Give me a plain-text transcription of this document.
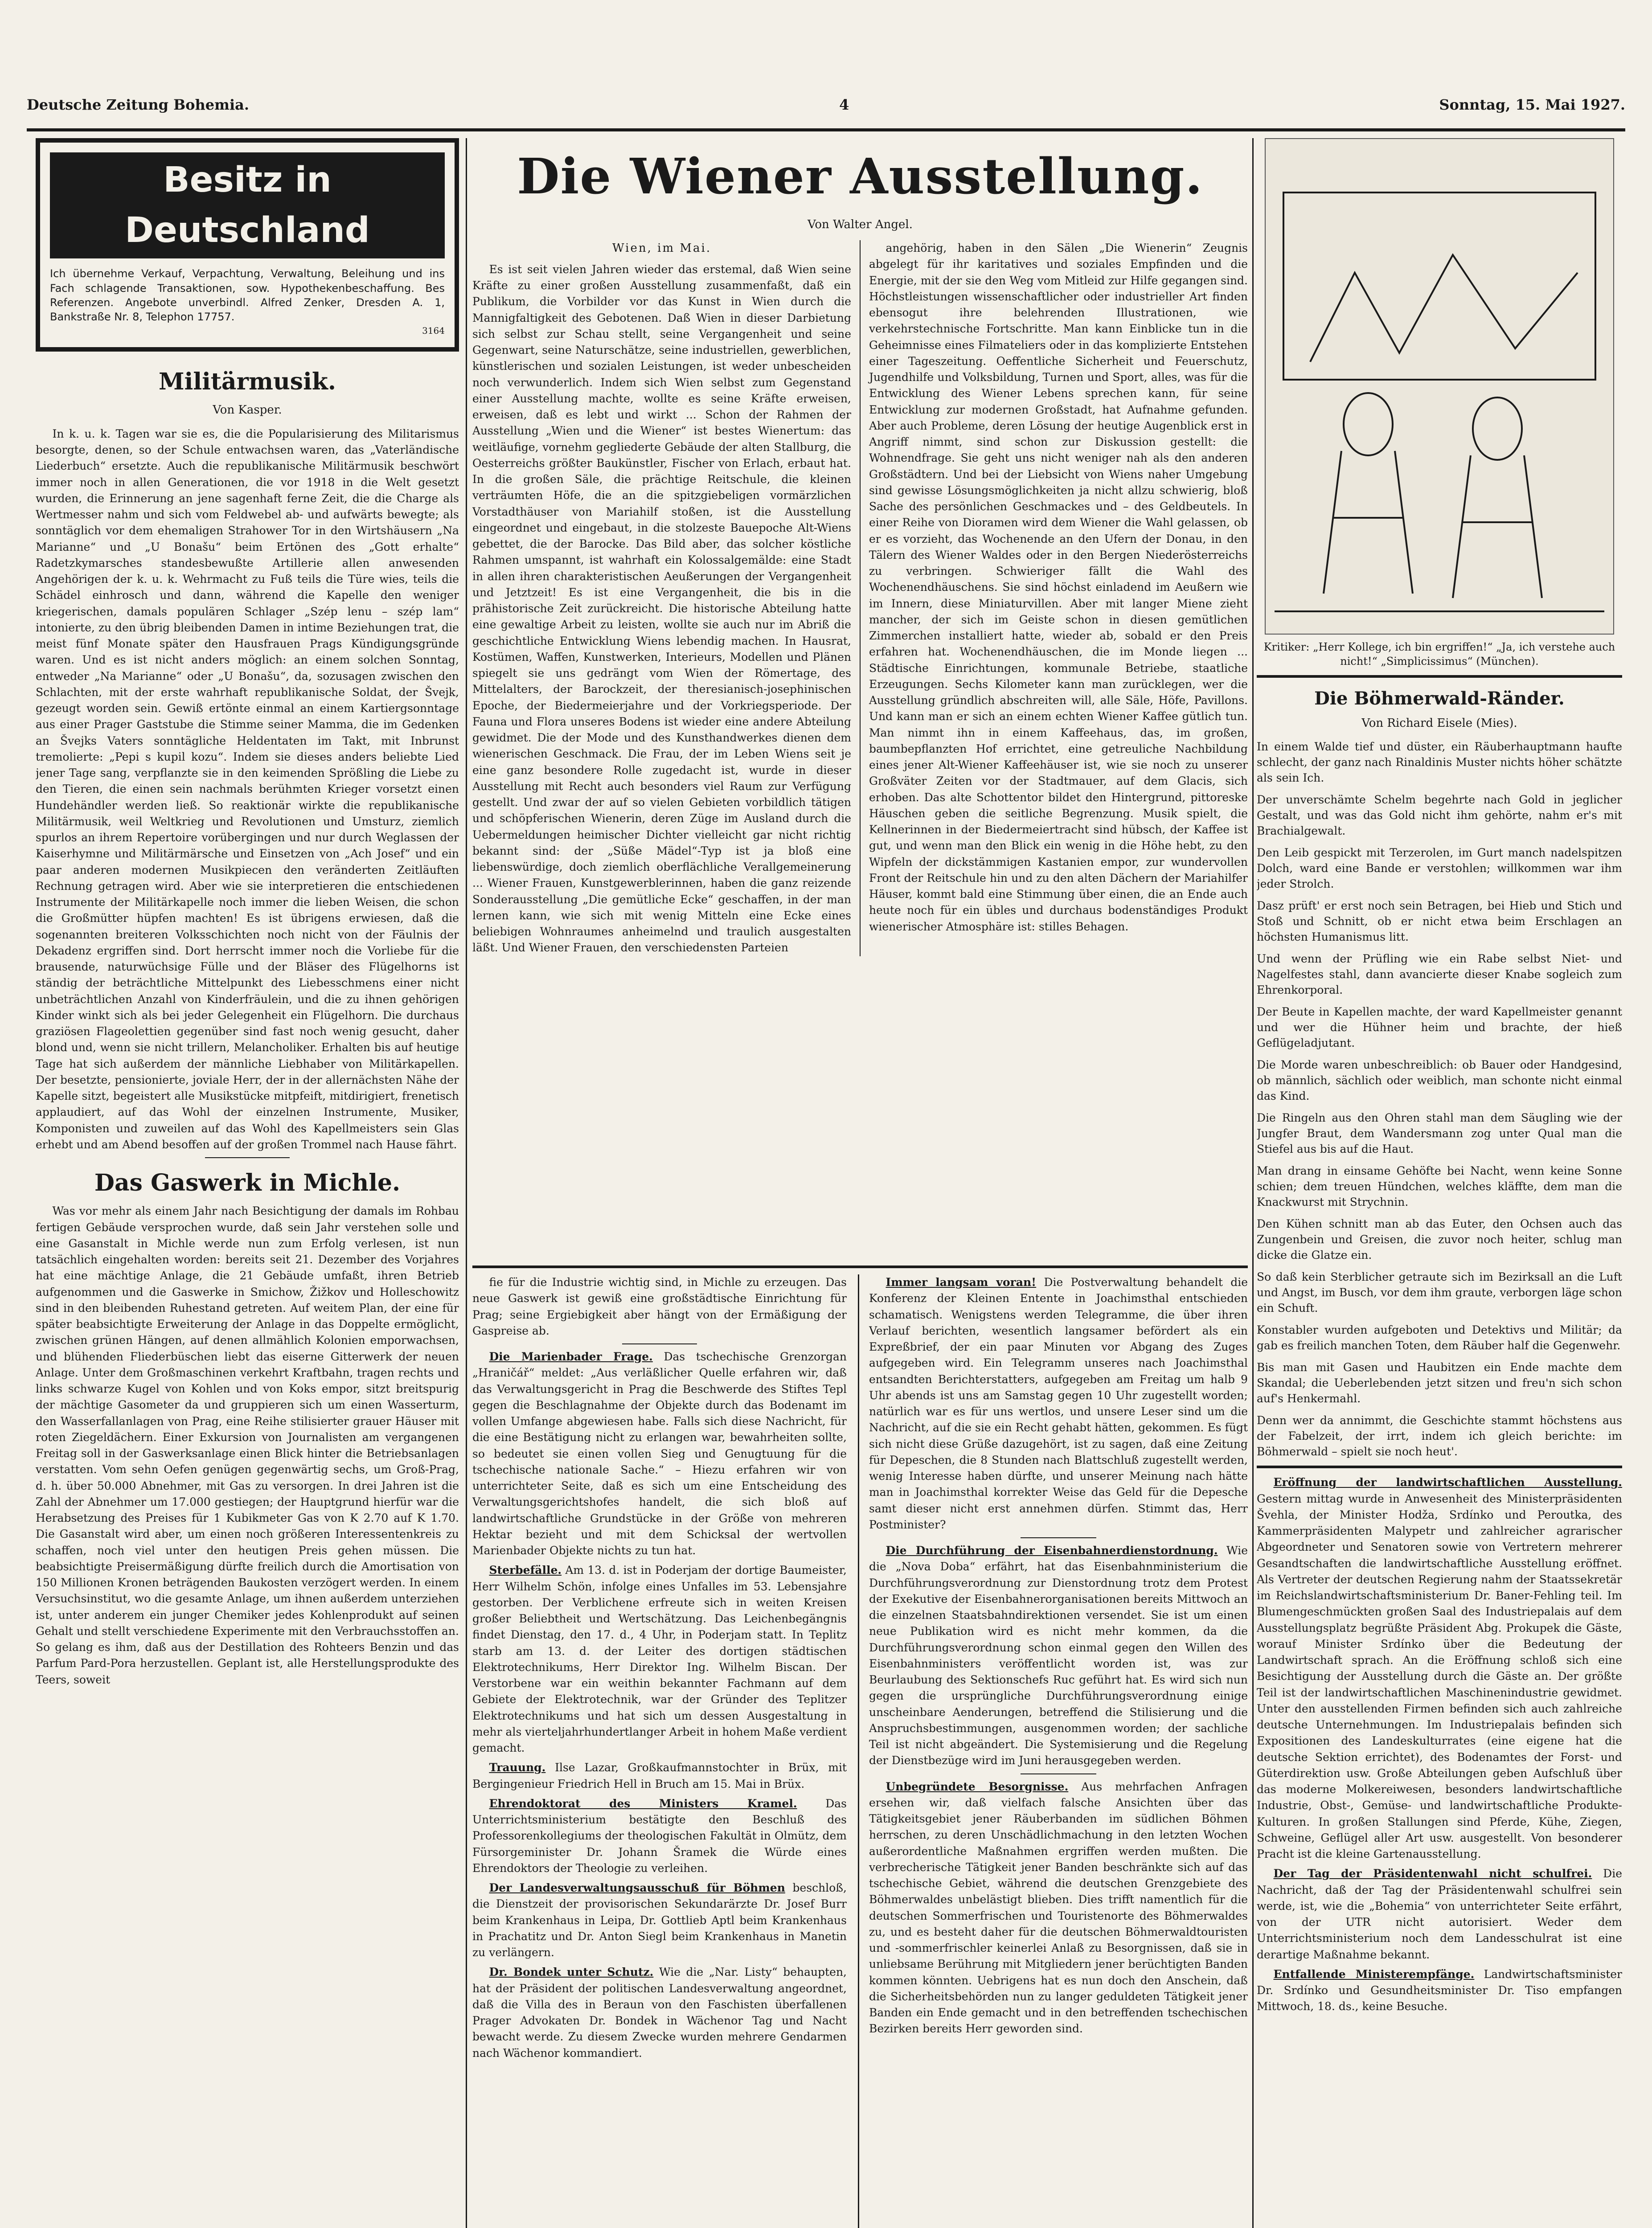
Deutsche Zeitung Bohemia.	4	Sonntag, 15. Mai 1927.
Besitz in Deutschland
Ich übernehme Verkauf, Verpachtung, Verwaltung, Beleihung und ins Fach schlagende Transaktionen, sow. Hypothekenbeschaffung. Bes Referenzen. Angebote unverbindl. Alfred Zenker, Dresden A. 1, Bankstraße Nr. 8, Telephon 17757.
3164
Militärmusik.
Von Kasper.

In k. u. k. Tagen war sie es, die die Popularisierung des Militarismus besorgte, denen, so der Schule entwachsen waren, das „Vaterländische Liederbuch“ ersetzte. Auch die republikanische Militärmusik beschwört immer noch in allen Generationen, die vor 1918 in die Welt gesetzt wurden, die Erinnerung an jene sagenhaft ferne Zeit, die die Charge als Wertmesser nahm und sich vom Feldwebel ab- und aufwärts bewegte; als sonntäglich vor dem ehemaligen Strahower Tor in den Wirtshäusern „Na Marianne“ und „U Bonašu“ beim Ertönen des „Gott erhalte“ Radetzkymarsches standesbewußte Artillerie allen anwesenden Angehörigen der k. u. k. Wehrmacht zu Fuß teils die Türe wies, teils die Schädel einhrosch und dann, während die Kapelle den weniger kriegerischen, damals populären Schlager „Szép lenu – szép lam“ intonierte, zu den übrig bleibenden Damen in intime Beziehungen trat, die meist fünf Monate später den Hausfrauen Prags Kündigungsgründe waren. Und es ist nicht anders möglich: an einem solchen Sonntag, entweder „Na Marianne“ oder „U Bonašu“, da, sozusagen zwischen den Schlachten, mit der erste wahrhaft republikanische Soldat, der Švejk, gezeugt worden sein. Gewiß ertönte einmal an einem Kartiergsonntage aus einer Prager Gaststube die Stimme seiner Mamma, die im Gedenken an Švejks Vaters sonntägliche Heldentaten im Takt, mit Inbrunst tremolierte: „Pepi s kupil kozu“. Indem sie dieses anders beliebte Lied jener Tage sang, verpflanzte sie in den keimenden Sprößling die Liebe zu den Tieren, die einen sein nachmals berühmten Krieger vorsetzt einen Hundehändler werden ließ. So reaktionär wirkte die republikanische Militärmusik, weil Weltkrieg und Revolutionen und Umsturz, ziemlich spurlos an ihrem Repertoire vorübergingen und nur durch Weglassen der Kaiserhymne und Militärmärsche und Einsetzen von „Ach Josef“ und ein paar anderen modernen Musikpiecen den veränderten Zeitläuften Rechnung getragen wird. Aber wie sie interpretieren die entschiedenen Instrumente der Militärkapelle noch immer die lieben Weisen, die schon die Großmütter hüpfen machten! Es ist übrigens erwiesen, daß die sogenannten breiteren Volksschichten noch nicht von der Fäulnis der Dekadenz ergriffen sind. Dort herrscht immer noch die Vorliebe für die brausende, naturwüchsige Fülle und der Bläser des Flügelhorns ist ständig der beträchtliche Mittelpunkt des Liebesschmens einer nicht unbeträchtlichen Anzahl von Kinderfräulein, und die zu ihnen gehörigen Kinder winkt sich als bei jeder Gelegenheit ein Flügelhorn. Die durchaus graziösen Flageolettien gegenüber sind fast noch wenig gesucht, daher blond und, wenn sie nicht trillern, Melancholiker. Erhalten bis auf heutige Tage hat sich außerdem der männliche Liebhaber von Militärkapellen. Der besetzte, pensionierte, joviale Herr, der in der allernächsten Nähe der Kapelle sitzt, begeistert alle Musikstücke mitpfeift, mitdirigiert, frenetisch applaudiert, auf das Wohl der einzelnen Instrumente, Musiker, Komponisten und zuweilen auf das Wohl des Kapellmeisters sein Glas erhebt und am Abend besoffen auf der großen Trommel nach Hause fährt.

Das Gaswerk in Michle.

Was vor mehr als einem Jahr nach Besichtigung der damals im Rohbau fertigen Gebäude versprochen wurde, daß sein Jahr verstehen solle und eine Gasanstalt in Michle werde nun zum Erfolg verlesen, ist nun tatsächlich eingehalten worden: bereits seit 21. Dezember des Vorjahres hat eine mächtige Anlage, die 21 Gebäude umfaßt, ihren Betrieb aufgenommen und die Gaswerke in Smichow, Žižkov und Holleschowitz sind in den bleibenden Ruhestand getreten. Auf weitem Plan, der eine für später beabsichtigte Erweiterung der Anlage in das Doppelte ermöglicht, zwischen grünen Hängen, auf denen allmählich Kolonien emporwachsen, und blühenden Fliederbüschen liebt das eiserne Gitterwerk der neuen Anlage. Unter dem Großmaschinen verkehrt Kraftbahn, tragen rechts und links schwarze Kugel von Kohlen und von Koks empor, sitzt breitspurig der mächtige Gasometer da und gruppieren sich um einen Wasserturm, den Wasserfallanlagen von Prag, eine Reihe stilisierter grauer Häuser mit roten Ziegeldächern. Einer Exkursion von Journalisten am vergangenen Freitag soll in der Gaswerksanlage einen Blick hinter die Betriebsanlagen verstatten. Vom sehn Oefen genügen gegenwärtig sechs, um Groß-Prag, d. h. über 50.000 Abnehmer, mit Gas zu versorgen. In drei Jahren ist die Zahl der Abnehmer um 17.000 gestiegen; der Hauptgrund hierfür war die Herabsetzung des Preises für 1 Kubikmeter Gas von K 2.70 auf K 1.70. Die Gasanstalt wird aber, um einen noch größeren Interessentenkreis zu schaffen, noch viel unter den heutigen Preis gehen müssen. Die beabsichtigte Preisermäßigung dürfte freilich durch die Amortisation von 150 Millionen Kronen beträgenden Baukosten verzögert werden. In einem Versuchsinstitut, wo die gesamte Anlage, um ihnen außerdem unterziehen ist, unter anderem ein junger Chemiker jedes Kohlenprodukt auf seinen Gehalt und stellt verschiedene Experimente mit den Verbrauchsstoffen an. So gelang es ihm, daß aus der Destillation des Rohteers Benzin und das Parfum Pard-Pora herzustellen. Geplant ist, alle Herstellungsprodukte des Teers, soweit

Die Wiener Ausstellung.
Von Walter Angel.
Wien, im Mai.

Es ist seit vielen Jahren wieder das erstemal, daß Wien seine Kräfte zu einer großen Ausstellung zusammenfaßt, daß ein Publikum, die Vorbilder vor das Kunst in Wien durch die Mannigfaltigkeit des Gebotenen. Daß Wien in dieser Darbietung sich selbst zur Schau stellt, seine Vergangenheit und seine Gegenwart, seine Naturschätze, seine industriellen, gewerblichen, künstlerischen und sozialen Leistungen, ist weder unbescheiden noch verwunderlich. Indem sich Wien selbst zum Gegenstand einer Ausstellung machte, wollte es seine Kräfte erweisen, erweisen, daß es lebt und wirkt ... Schon der Rahmen der Ausstellung „Wien und die Wiener“ ist bestes Wienertum: das weitläufige, vornehm gegliederte Gebäude der alten Stallburg, die Oesterreichs größter Baukünstler, Fischer von Erlach, erbaut hat. In die großen Säle, die prächtige Reitschule, die kleinen verträumten Höfe, die an die spitzgiebeligen vormärzlichen Vorstadthäuser von Mariahilf stoßen, ist die Ausstellung eingeordnet und eingebaut, in die stolzeste Bauepoche Alt-Wiens gebettet, die der Barocke. Das Bild aber, das solcher köstliche Rahmen umspannt, ist wahrhaft ein Kolossalgemälde: eine Stadt in allen ihren charakteristischen Aeußerungen der Vergangenheit und Jetztzeit! Es ist eine Vergangenheit, die bis in die prähistorische Zeit zurückreicht. Die historische Abteilung hatte eine gewaltige Arbeit zu leisten, wollte sie auch nur im Abriß die geschichtliche Entwicklung Wiens lebendig machen. In Hausrat, Kostümen, Waffen, Kunstwerken, Interieurs, Modellen und Plänen spiegelt sie uns gedrängt vom Wien der Römertage, des Mittelalters, der Barockzeit, der theresianisch-josephinischen Epoche, der Biedermeierjahre und der Vorkriegsperiode. Der Fauna und Flora unseres Bodens ist wieder eine andere Abteilung gewidmet. Die der Mode und des Kunsthandwerkes dienen dem wienerischen Geschmack. Die Frau, der im Leben Wiens seit je eine ganz besondere Rolle zugedacht ist, wurde in dieser Ausstellung mit Recht auch besonders viel Raum zur Verfügung gestellt. Und zwar der auf so vielen Gebieten vorbildlich tätigen und schöpferischen Wienerin, deren Züge im Ausland durch die Uebermeldungen heimischer Dichter vielleicht gar nicht richtig bekannt sind: der „Süße Mädel“-Typ ist ja bloß eine liebenswürdige, doch ziemlich oberflächliche Verallgemeinerung ... Wiener Frauen, Kunstgewerblerinnen, haben die ganz reizende Sonderausstellung „Die gemütliche Ecke“ geschaffen, in der man lernen kann, wie sich mit wenig Mitteln eine Ecke eines beliebigen Wohnraumes anheimelnd und traulich ausgestalten läßt. Und Wiener Frauen, den verschiedensten Parteien

angehörig, haben in den Sälen „Die Wienerin“ Zeugnis abgelegt für ihr karitatives und soziales Empfinden und die Energie, mit der sie den Weg vom Mitleid zur Hilfe gegangen sind. Höchstleistungen wissenschaftlicher oder industrieller Art finden ebensogut ihre belehrenden Illustrationen, wie verkehrstechnische Fortschritte. Man kann Einblicke tun in die Geheimnisse eines Filmateliers oder in das komplizierte Entstehen einer Tageszeitung. Oeffentliche Sicherheit und Feuerschutz, Jugendhilfe und Volksbildung, Turnen und Sport, alles, was für die Entwicklung des Wiener Lebens sprechen kann, für seine Entwicklung zur modernen Großstadt, hat Aufnahme gefunden. Aber auch Probleme, deren Lösung der heutige Augenblick erst in Angriff nimmt, sind schon zur Diskussion gestellt: die Wohnendfrage. Sie geht uns nicht weniger nah als den anderen Großstädtern. Und bei der Liebsicht von Wiens naher Umgebung sind gewisse Lösungsmöglichkeiten ja nicht allzu schwierig, bloß Sache des persönlichen Geschmackes und – des Geldbeutels. In einer Reihe von Dioramen wird dem Wiener die Wahl gelassen, ob er es vorzieht, das Wochenende an den Ufern der Donau, in den Tälern des Wiener Waldes oder in den Bergen Niederösterreichs zu verbringen. Schwieriger fällt die Wahl des Wochenendhäuschens. Sie sind höchst einladend im Aeußern wie im Innern, diese Miniaturvillen. Aber mit langer Miene zieht mancher, der sich im Geiste schon in diesen gemütlichen Zimmerchen installiert hatte, wieder ab, sobald er den Preis erfahren hat. Wochenendhäuschen, die im Monde liegen ... Städtische Einrichtungen, kommunale Betriebe, staatliche Erzeugungen. Sechs Kilometer kann man zurücklegen, wer die Ausstellung gründlich abschreiten will, alle Säle, Höfe, Pavillons. Und kann man er sich an einem echten Wiener Kaffee gütlich tun. Man nimmt ihn in einem Kaffeehaus, das, im großen, baumbepflanzten Hof errichtet, eine getreuliche Nachbildung eines jener Alt-Wiener Kaffeehäuser ist, wie sie noch zu unserer Großväter Zeiten vor der Stadtmauer, auf dem Glacis, sich erhoben. Das alte Schottentor bildet den Hintergrund, pittoreske Häuschen geben die seitliche Begrenzung. Musik spielt, die Kellnerinnen in der Biedermeiertracht sind hübsch, der Kaffee ist gut, und wenn man den Blick ein wenig in die Höhe hebt, zu den Wipfeln der dickstämmigen Kastanien empor, zur wundervollen Front der Reitschule hin und zu den alten Dächern der Mariahilfer Häuser, kommt bald eine Stimmung über einen, die an Ende auch heute noch für ein übles und durchaus bodenständiges Produkt wienerischer Atmosphäre ist: stilles Behagen.

fie für die Industrie wichtig sind, in Michle zu erzeugen. Das neue Gaswerk ist gewiß eine großstädtische Einrichtung für Prag; seine Ergiebigkeit aber hängt von der Ermäßigung der Gaspreise ab.

Die Marienbader Frage. Das tschechische Grenzorgan „Hraničář“ meldet: „Aus verläßlicher Quelle erfahren wir, daß das Verwaltungsgericht in Prag die Beschwerde des Stiftes Tepl gegen die Beschlagnahme der Objekte durch das Bodenamt im vollen Umfange abgewiesen habe. Falls sich diese Nachricht, für die eine Bestätigung nicht zu erlangen war, bewahrheiten sollte, so bedeutet sie einen vollen Sieg und Genugtuung für die tschechische nationale Sache.“ – Hiezu erfahren wir von unterrichteter Seite, daß es sich um eine Entscheidung des Verwaltungsgerichtshofes handelt, die sich bloß auf landwirtschaftliche Grundstücke in der Größe von mehreren Hektar bezieht und mit dem Schicksal der wertvollen Marienbader Objekte nichts zu tun hat.

Sterbefälle. Am 13. d. ist in Poderjam der dortige Baumeister, Herr Wilhelm Schön, infolge eines Unfalles im 53. Lebensjahre gestorben. Der Verblichene erfreute sich in weiten Kreisen großer Beliebtheit und Wertschätzung. Das Leichenbegängnis findet Dienstag, den 17. d., 4 Uhr, in Poderjam statt. In Teplitz starb am 13. d. der Leiter des dortigen städtischen Elektrotechnikums, Herr Direktor Ing. Wilhelm Biscan. Der Verstorbene war ein weithin bekannter Fachmann auf dem Gebiete der Elektrotechnik, war der Gründer des Teplitzer Elektrotechnikums und hat sich um dessen Ausgestaltung in mehr als vierteljahrhundertlanger Arbeit in hohem Maße verdient gemacht.

Trauung. Ilse Lazar, Großkaufmannstochter in Brüx, mit Bergingenieur Friedrich Hell in Bruch am 15. Mai in Brüx.

Ehrendoktorat des Ministers Kramel.	Das Unterrichtsministerium bestätigte den Beschluß des Professorenkollegiums der theologischen Fakultät in Olmütz, dem Fürsorgeminister Dr. Johann Šramek die Würde eines Ehrendoktors der Theologie zu verleihen.

Der Landesverwaltungsausschuß für Böhmen beschloß, die Dienstzeit der provisorischen Sekundarärzte Dr. Josef Burr beim Krankenhaus in Leipa, Dr. Gottlieb Aptl beim Krankenhaus in Prachatitz und Dr. Anton Siegl beim Krankenhaus in Manetin zu verlängern.

Dr. Bondek unter Schutz. Wie die „Nar. Listy“ behaupten, hat der Präsident der politischen Landesverwaltung angeordnet, daß die Villa des in Beraun von den Faschisten überfallenen Prager Advokaten Dr. Bondek in Wächenor Tag und Nacht bewacht werde. Zu diesem Zwecke wurden mehrere Gendarmen nach Wächenor kommandiert.

Immer langsam voran! Die Postverwaltung behandelt die Konferenz der Kleinen Entente in Joachimsthal entschieden schamatisch. Wenigstens werden Telegramme, die über ihren Verlauf berichten, wesentlich langsamer befördert als ein Expreßbrief, der ein paar Minuten vor Abgang des Zuges aufgegeben wird. Ein Telegramm unseres nach Joachimsthal entsandten Berichterstatters, aufgegeben am Freitag um halb 9 Uhr abends ist uns am Samstag gegen 10 Uhr zugestellt worden; natürlich war es für uns wertlos, und unsere Leser sind um die Nachricht, auf die sie ein Recht gehabt hätten, gekommen. Es fügt sich nicht diese Grüße dazugehört, ist zu sagen, daß eine Zeitung für Depeschen, die 8 Stunden nach Blattschluß zugestellt werden, wenig Interesse haben dürfte, und unserer Meinung nach hätte man in Joachimsthal korrekter Weise das Geld für die Depesche samt dieser nicht erst annehmen dürfen. Stimmt das, Herr Postminister?

Die Durchführung der Eisenbahnerdienstordnung. Wie die „Nova Doba“ erfährt, hat das Eisenbahnministerium die Durchführungsverordnung zur Dienstordnung trotz dem Protest der Exekutive der Eisenbahnerorganisationen bereits Mittwoch an die einzelnen Staatsbahndirektionen versendet. Sie ist um einen neue Publikation wird es nicht mehr kommen, da die Durchführungsverordnung schon einmal gegen den Willen des Eisenbahnministers veröffentlicht worden ist, was zur Beurlaubung des Sektionschefs Ruc geführt hat. Es wird sich nun gegen die ursprüngliche Durchführungsverordnung einige unscheinbare Aenderungen, betreffend die Stilisierung und die Anspruchsbestimmungen, ausgenommen worden; der sachliche Teil ist nicht abgeändert. Die Systemisierung und die Regelung der Dienstbezüge wird im Juni herausgegeben werden.

Unbegründete Besorgnisse. Aus mehrfachen Anfragen ersehen wir, daß vielfach falsche Ansichten über das Tätigkeitsgebiet jener Räuberbanden im südlichen Böhmen herrschen, zu deren Unschädlichmachung in den letzten Wochen außerordentliche Maßnahmen ergriffen werden mußten. Die verbrecherische Tätigkeit jener Banden beschränkte sich auf das tschechische Gebiet, während die deutschen Grenzgebiete des Böhmerwaldes unbelästigt blieben. Dies trifft namentlich für die deutschen Sommerfrischen und Touristenorte des Böhmerwaldes zu, und es besteht daher für die deutschen Böhmerwaldtouristen und -sommerfrischler keinerlei Anlaß zu Besorgnissen, daß sie in unliebsame Berührung mit Mitgliedern jener berüchtigten Banden kommen könnten. Uebrigens hat es nun doch den Anschein, daß die Sicherheitsbehörden nun zu langer geduldeten Tätigkeit jener Banden ein Ende gemacht und in den betreffenden tschechischen Bezirken bereits Herr geworden sind.

Kritiker: „Herr Kollege, ich bin ergriffen!“ „Ja, ich verstehe auch nicht!“ „Simplicissimus“ (München).
Die Böhmerwald-Ränder.
Von Richard Eisele (Mies).

In einem Walde tief und düster, ein Räuberhauptmann haufte schlecht, der ganz nach Rinaldinis Muster nichts höher schätzte als sein Ich.

Der unverschämte Schelm begehrte nach Gold in jeglicher Gestalt, und was das Gold nicht ihm gehörte, nahm er's mit Brachialgewalt.

Den Leib gespickt mit Terzerolen, im Gurt manch nadelspitzen Dolch, ward eine Bande er verstohlen; willkommen war ihm jeder Strolch.

Dasz prüft' er erst noch sein Betragen, bei Hieb und Stich und Stoß und Schnitt, ob er nicht etwa beim Erschlagen an höchsten Humanismus litt.

Und wenn der Prüfling wie ein Rabe selbst Niet- und Nagelfestes stahl, dann avancierte dieser Knabe sogleich zum Ehrenkorporal.

Der Beute in Kapellen machte, der ward Kapellmeister genannt und wer die Hühner heim und brachte, der hieß Geflügeladjutant.

Die Morde waren unbeschreiblich: ob Bauer oder Handgesind, ob männlich, sächlich oder weiblich, man schonte nicht einmal das Kind.

Die Ringeln aus den Ohren stahl man dem Säugling wie der Jungfer Braut, dem Wandersmann zog unter Qual man die Stiefel aus bis auf die Haut.

Man drang in einsame Gehöfte bei Nacht, wenn keine Sonne schien; dem treuen Hündchen, welches kläffte, dem man die Knackwurst mit Strychnin.

Den Kühen schnitt man ab das Euter, den Ochsen auch das Zungenbein und Greisen, die zuvor noch heiter, schlug man dicke die Glatze ein.

So daß kein Sterblicher getraute sich im Bezirksall an die Luft und Angst, im Busch, vor dem ihm graute, verborgen läge schon ein Schuft.

Konstabler wurden aufgeboten und Detektivs und Militär; da gab es freilich manchen Toten, dem Räuber half die Gegenwehr.

Bis man mit Gasen und Haubitzen ein Ende machte dem Skandal; die Ueberlebenden jetzt sitzen und freu'n sich schon auf's Henkermahl.

Denn wer da annimmt, die Geschichte stammt höchstens aus der Fabelzeit, der irrt, indem ich gleich berichte: im Böhmerwald – spielt sie noch heut'.

Eröffnung der landwirtschaftlichen Ausstellung. Gestern mittag wurde in Anwesenheit des Ministerpräsidenten Švehla, der Minister Hodža, Srdínko und Peroutka, des Kammerpräsidenten Malypetr und zahlreicher agrarischer Abgeordneter und Senatoren sowie von Vertretern mehrerer Gesandtschaften die landwirtschaftliche Ausstellung eröffnet. Als Vertreter der deutschen Regierung nahm der Staatssekretär im Reichslandwirtschaftsministerium Dr. Baner-Fehling teil. Im Blumengeschmückten großen Saal des Industriepalais auf dem Ausstellungsplatz begrüßte Präsident Abg. Prokupek die Gäste, worauf Minister Srdínko über die Bedeutung der Landwirtschaft sprach. An die Eröffnung schloß sich eine Besichtigung der Ausstellung durch die Gäste an. Der größte Teil ist der landwirtschaftlichen Maschinenindustrie gewidmet. Unter den ausstellenden Firmen befinden sich auch zahlreiche deutsche Unternehmungen. Im Industriepalais befinden sich Expositionen des Landeskulturrates (eine eigene hat die deutsche Sektion errichtet), des Bodenamtes der Forst- und Güterdirektion usw. Große Abteilungen geben Aufschluß über das moderne Molkereiwesen, besonders landwirtschaftliche Industrie, Obst-, Gemüse- und landwirtschaftliche Produkte-Kulturen. In großen Stallungen sind Pferde, Kühe, Ziegen, Schweine, Geflügel aller Art usw. ausgestellt. Von besonderer Pracht ist die kleine Gartenausstellung.

Der Tag der Präsidentenwahl nicht schulfrei. Die Nachricht, daß der Tag der Präsidentenwahl schulfrei sein werde, ist, wie die „Bohemia“ von unterrichteter Seite erfährt, von der UTR nicht autorisiert. Weder dem Unterrichtsministerium noch dem Landesschulrat ist eine derartige Maßnahme bekannt.

Entfallende Ministerempfänge. Landwirtschaftsminister Dr. Srdínko und Gesundheitsminister Dr. Tiso empfangen Mittwoch, 18. ds., keine Besuche.
